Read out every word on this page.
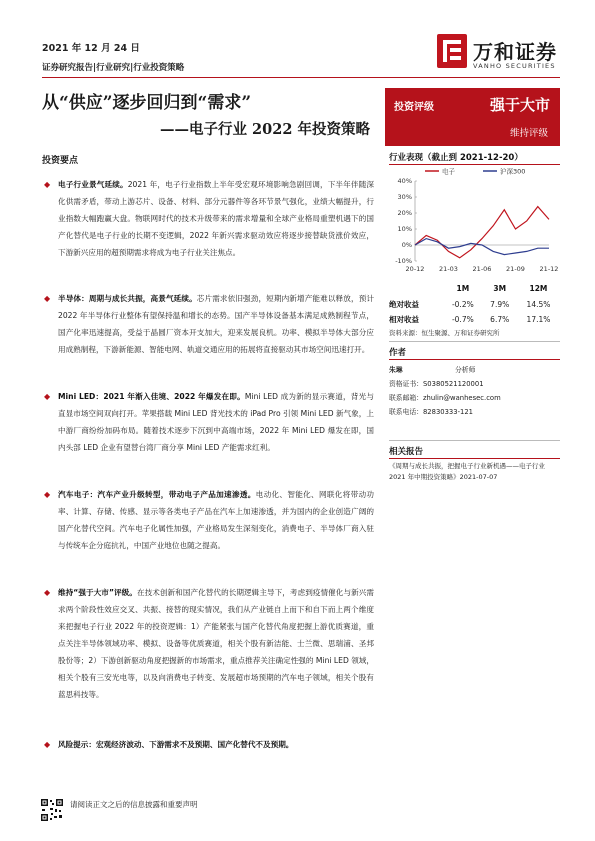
2021 年 12 月 24 日
证券研究报告|行业研究|行业投资策略
万和证券
VANHO SECURITIES
从“供应”逐步回归到“需求”
——电子行业 2022 年投资策略
投资要点
◆ 电子行业景气延续。2021 年，电子行业指数上半年受宏观环境影响急剧回调，下半年伴随深化供需矛盾，带动上游芯片、设备、材料、部分元器件等各环节景气强化，业绩大幅提升，行业指数大幅跑赢大盘。物联网时代的技术升级带来的需求增量和全球产业格局重塑机遇下的国产化替代是电子行业的长期不变逻辑，2022 年新兴需求驱动效应将逐步接替缺货涨价效应，下游新兴应用的超预期需求将成为电子行业关注焦点。
◆ 半导体：周期与成长共振，高景气延续。芯片需求依旧强劲，短期内新增产能难以释放，预计 2022 年半导体行业整体有望保持温和增长的态势。国产半导体设备基本满足成熟制程节点，国产化率迅速提高，受益于晶圆厂资本开支加大，迎来发展良机。功率、模拟半导体大部分应用成熟制程，下游新能源、智能电网、轨道交通应用的拓展将直接驱动其市场空间迅速打开。
◆ Mini LED：2021 年渐入佳境、2022 年爆发在即。Mini LED 成为新的显示赛道，背光与直显市场空间双向打开。苹果搭载 Mini LED 背光技术的 iPad Pro 引领 Mini LED 新气象，上中游厂商纷纷加码布局。随着技术逐步下沉到中高端市场，2022 年 Mini LED 爆发在即，国内头部 LED 企业有望替台湾厂商分享 Mini LED 产能需求红利。
◆ 汽车电子：汽车产业升级转型，带动电子产品加速渗透。电动化、智能化、网联化将带动功率、计算、存储、传感、显示等各类电子产品在汽车上加速渗透，并为国内的企业创造广阔的国产化替代空间。汽车电子化属性加强，产业格局发生深刻变化，消费电子、半导体厂商入驻与传统车企分庭抗礼，中国产业地位也随之提高。
◆ 维持“强于大市”评级。在技术创新和国产化替代的长期逻辑主导下，考虑到疫情催化与新兴需求两个阶段性效应交叉、共振、接替的现实情况，我们从产业链自上而下和自下而上两个维度来把握电子行业 2022 年的投资逻辑：1）产能紧张与国产化替代角度把握上游优质赛道，重点关注半导体领域功率、模拟、设备等优质赛道，相关个股有新洁能、士兰微、思瑞浦、圣邦股份等；2）下游创新驱动角度把握新的市场需求，重点推荐关注确定性强的 Mini LED 领域，相关个股有三安光电等，以及向消费电子转变、发展超市场预期的汽车电子领域，相关个股有蓝思科技等。
◆ 风险提示：宏观经济波动、下游需求不及预期、国产化替代不及预期。
投资评级	强于大市
维持评级
行业表现（截止到 2021-12-20）
电子	沪深300
40%
30%
20%
10%
0%
-10%
20-12 21-03 21-06 21-09 21-12
	1M	3M	12M
绝对收益	-0.2%	7.9%	14.5%
相对收益	-0.7%	6.7%	17.1%
资料来源：恒生聚源、万和证券研究所
作者
朱琳	分析师
资格证书：S0380521120001
联系邮箱：zhulin@wanhesec.com
联系电话：82830333-121
相关报告
《周期与成长共振，把握电子行业新机遇——电子行业 2021 年中期投资策略》2021-07-07
请阅读正文之后的信息披露和重要声明
